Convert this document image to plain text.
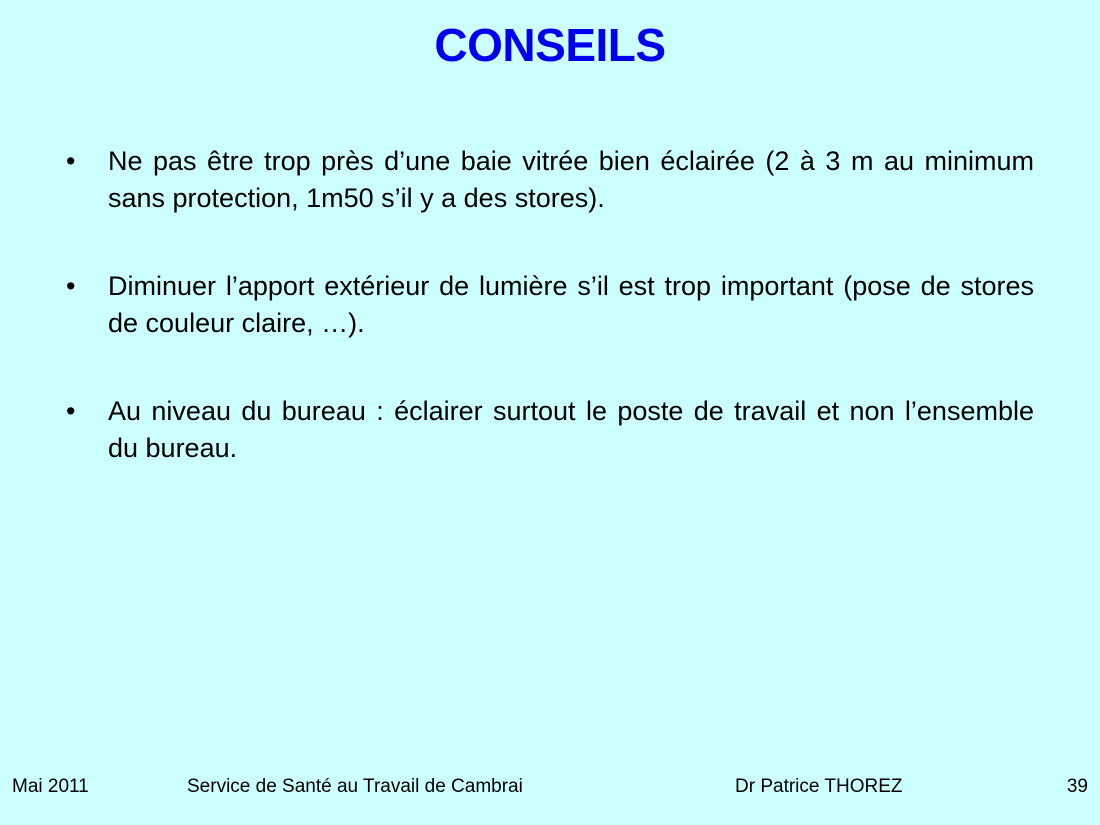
CONSEILS
• Ne pas être trop près d’une baie vitrée bien éclairée (2 à 3 m au minimum sans protection, 1m50 s’il y a des stores).
• Diminuer l’apport extérieur de lumière s’il est trop important (pose de stores de couleur claire, …).
• Au niveau du bureau : éclairer surtout le poste de travail et non l’ensemble du bureau.
Mai 2011	Service de Santé au Travail de Cambrai	Dr Patrice THOREZ	39
